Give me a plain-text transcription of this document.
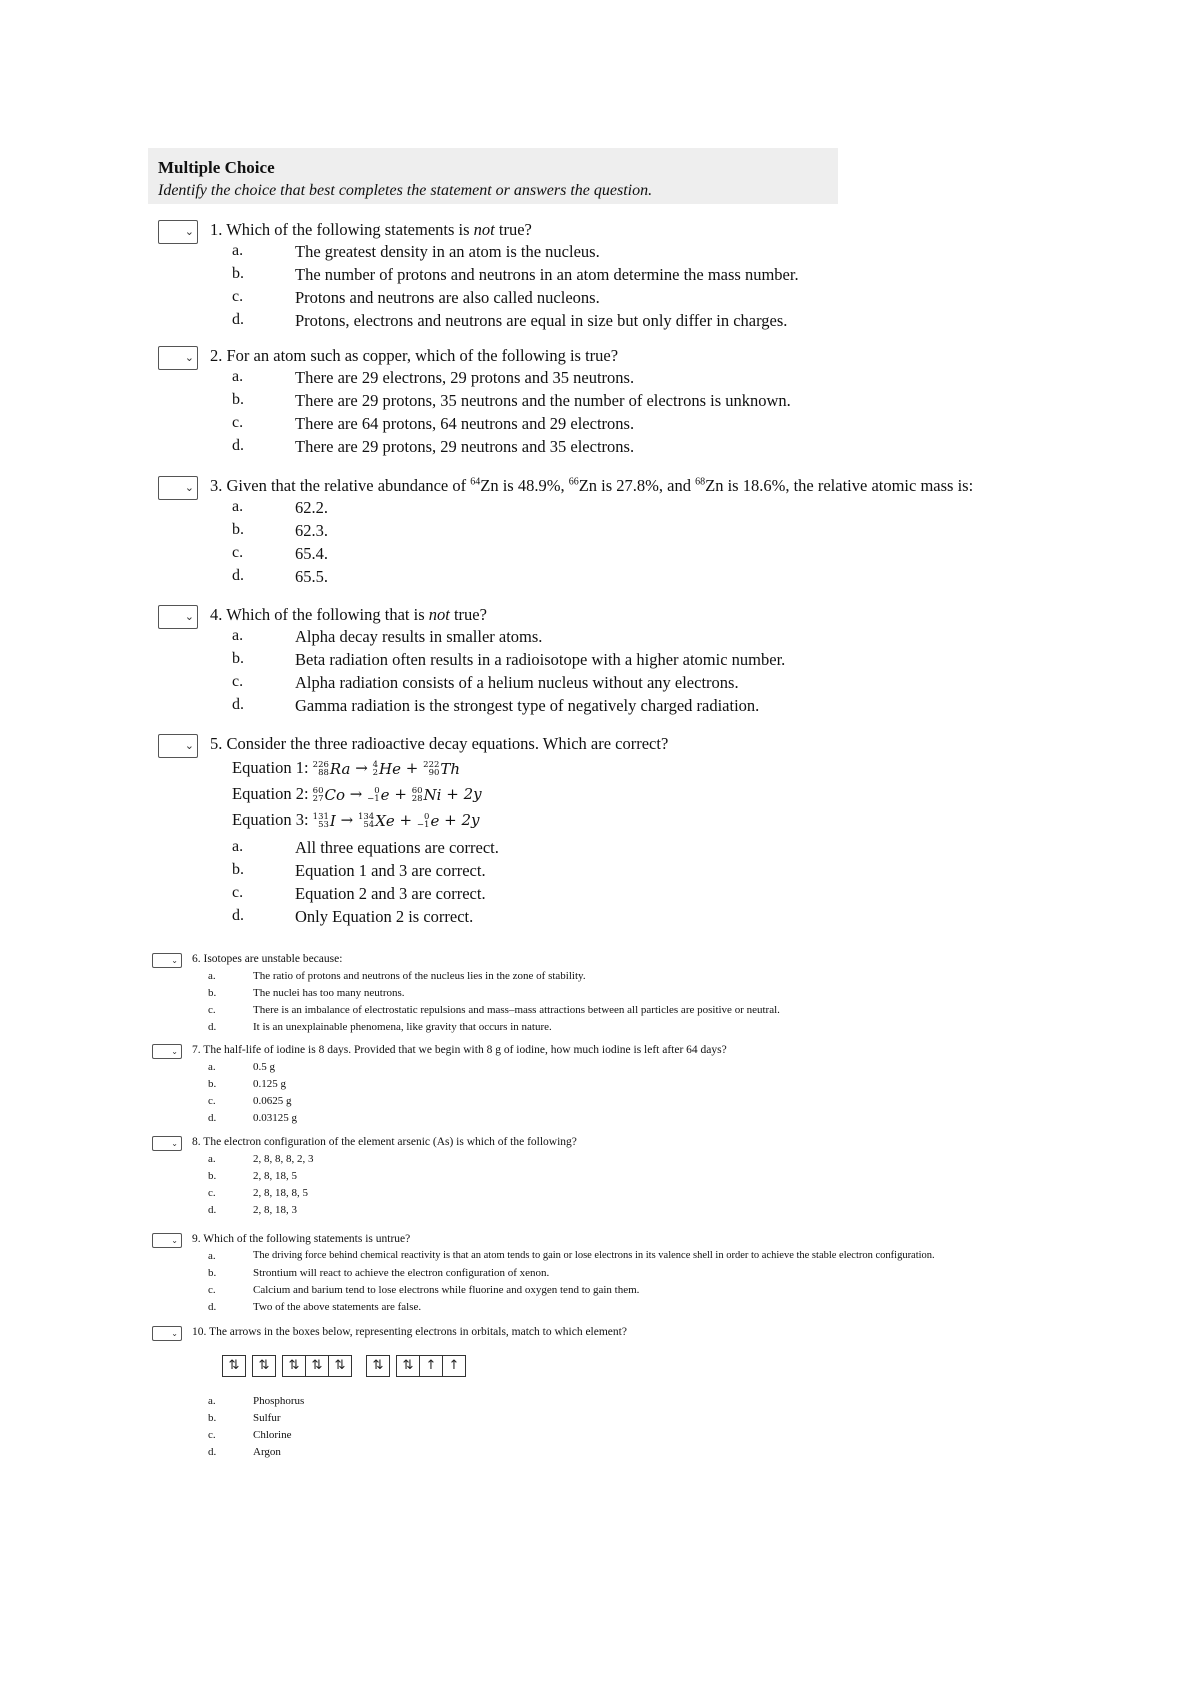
Multiple Choice
Identify the choice that best completes the statement or answers the question.
⌄ 1. Which of the following statements is not true?
a.	The greatest density in an atom is the nucleus.
b.	The number of protons and neutrons in an atom determine the mass number.
c.	Protons and neutrons are also called nucleons.
d.	Protons, electrons and neutrons are equal in size but only differ in charges.
⌄ 2. For an atom such as copper, which of the following is true?
a.	There are 29 electrons, 29 protons and 35 neutrons.
b.	There are 29 protons, 35 neutrons and the number of electrons is unknown.
c.	There are 64 protons, 64 neutrons and 29 electrons.
d.	There are 29 protons, 29 neutrons and 35 electrons.
⌄ 3. Given that the relative abundance of $^{64}$Zn is 48.9%, $^{66}$Zn is 27.8%, and $^{68}$Zn is 18.6%, the relative atomic mass is:
a.	62.2.
b.	62.3.
c.	65.4.
d.	65.5.
⌄ 4. Which of the following that is not true?
a.	Alpha decay results in smaller atoms.
b.	Beta radiation often results in a radioisotope with a higher atomic number.
c.	Alpha radiation consists of a helium nucleus without any electrons.
d.	Gamma radiation is the strongest type of negatively charged radiation.
⌄ 5. Consider the three radioactive decay equations. Which are correct?
Equation 1: 226
88 Ra → 4
2 He + 222
90 Th
Equation 2: 60
27 Co →	0
−1 e + 60
28 Ni + 2y
Equation 3: 131
53 I → 134
54 Xe +	0
−1 e + 2y
a.	All three equations are correct.
b.	Equation 1 and 3 are correct.
c.	Equation 2 and 3 are correct.
d.	Only Equation 2 is correct.
⌄ 6. Isotopes are unstable because:
a.	The ratio of protons and neutrons of the nucleus lies in the zone of stability.
b.	The nuclei has too many neutrons.
c.	There is an imbalance of electrostatic repulsions and mass–mass attractions between all particles are positive or neutral.
d.	It is an unexplainable phenomena, like gravity that occurs in nature.
⌄ 7. The half-life of iodine is 8 days. Provided that we begin with 8 g of iodine, how much iodine is left after 64 days?
a.	0.5 g
b.	0.125 g
c.	0.0625 g
d.	0.03125 g
⌄ 8. The electron configuration of the element arsenic (As) is which of the following?
a.	2, 8, 8, 8, 2, 3
b.	2, 8, 18, 5
c.	2, 8, 18, 8, 5
d.	2, 8, 18, 3
⌄ 9. Which of the following statements is untrue?
a.	The driving force behind chemical reactivity is that an atom tends to gain or lose electrons in its valence shell in order to achieve the stable electron configuration.
b.	Strontium will react to achieve the electron configuration of xenon.
c.	Calcium and barium tend to lose electrons while fluorine and oxygen tend to gain them.
d.	Two of the above statements are false.
⌄ 10. The arrows in the boxes below, representing electrons in orbitals, match to which element?
⇅	⇅	⇅ ⇅ ⇅	⇅	⇅ ↑ ↑
a.	Phosphorus
b.	Sulfur
c.	Chlorine
d.	Argon
